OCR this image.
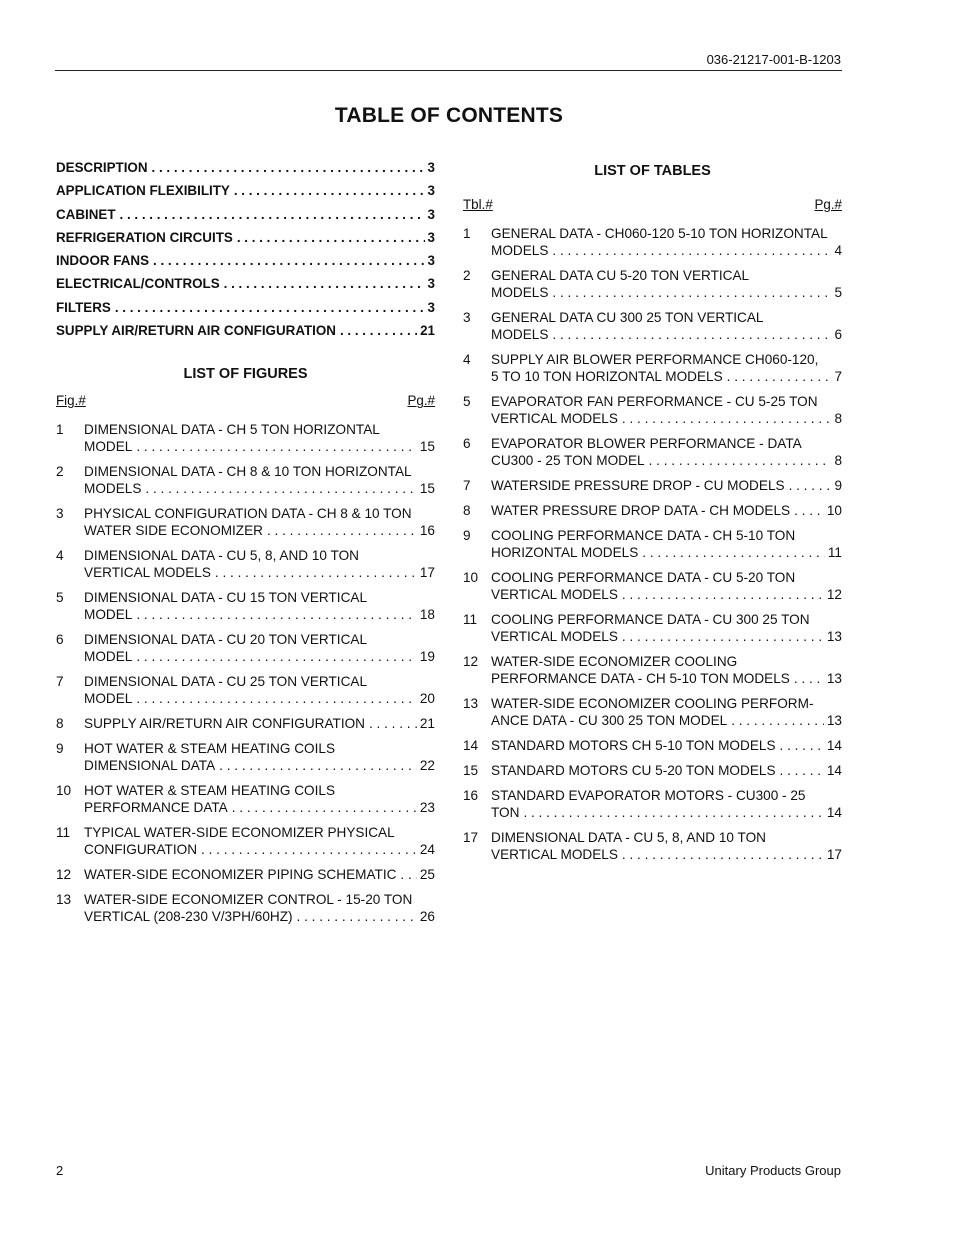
036-21217-001-B-1203
TABLE OF CONTENTS
DESCRIPTION . . .	3
APPLICATION FLEXIBILITY . . .	3
CABINET . . .	3
REFRIGERATION CIRCUITS . . .	3
INDOOR FANS . . .	3
ELECTRICAL/CONTROLS . . .	3
FILTERS . . .	3
SUPPLY AIR/RETURN AIR CONFIGURATION . . .	21
LIST OF FIGURES
Fig.#	Pg.#
1	DIMENSIONAL DATA - CH 5 TON HORIZONTAL
MODEL . . .	15
2	DIMENSIONAL DATA - CH 8 & 10 TON HORIZONTAL
MODELS . . .	15
3	PHYSICAL CONFIGURATION DATA - CH 8 & 10 TON
WATER SIDE ECONOMIZER . . .	16
4	DIMENSIONAL DATA - CU 5, 8, AND 10 TON
VERTICAL MODELS . . .	17
5	DIMENSIONAL DATA - CU 15 TON VERTICAL
MODEL . . .	18
6	DIMENSIONAL DATA - CU 20 TON VERTICAL
MODEL . . .	19
7	DIMENSIONAL DATA - CU 25 TON VERTICAL
MODEL . . .	20
8	SUPPLY AIR/RETURN AIR CONFIGURATION . . .	21
9	HOT WATER & STEAM HEATING COILS
DIMENSIONAL DATA . . .	22
10 HOT WATER & STEAM HEATING COILS
PERFORMANCE DATA . . .	23
11	TYPICAL WATER-SIDE ECONOMIZER PHYSICAL
CONFIGURATION . . .	24
12 WATER-SIDE ECONOMIZER PIPING SCHEMATIC . . . 25
13 WATER-SIDE ECONOMIZER CONTROL - 15-20 TON
VERTICAL (208-230 V/3PH/60HZ) . . .	26
LIST OF TABLES
Tbl.#	Pg.#
1	GENERAL DATA - CH060-120 5-10 TON HORIZONTAL
MODELS . . .	4
2	GENERAL DATA CU 5-20 TON VERTICAL
MODELS . . .	5
3	GENERAL DATA CU 300 25 TON VERTICAL
MODELS . . .	6
4	SUPPLY AIR BLOWER PERFORMANCE CH060-120,
5 TO 10 TON HORIZONTAL MODELS . . .	7
5	EVAPORATOR FAN PERFORMANCE - CU 5-25 TON
VERTICAL MODELS . . .	8
6	EVAPORATOR BLOWER PERFORMANCE - DATA
CU300 - 25 TON MODEL . . .	8
7	WATERSIDE PRESSURE DROP - CU MODELS . . .	9
8	WATER PRESSURE DROP DATA - CH MODELS . . .	10
9	COOLING PERFORMANCE DATA - CH 5-10 TON
HORIZONTAL MODELS . . .	11
10 COOLING PERFORMANCE DATA - CU 5-20 TON
VERTICAL MODELS . . .	12
11	COOLING PERFORMANCE DATA - CU 300 25 TON
VERTICAL MODELS . . .	13
12 WATER-SIDE ECONOMIZER COOLING
PERFORMANCE DATA - CH 5-10 TON MODELS . . .	13
13 WATER-SIDE ECONOMIZER COOLING PERFORM-
ANCE DATA - CU 300 25 TON MODEL . . .	13
14 STANDARD MOTORS CH 5-10 TON MODELS . . .	14
15 STANDARD MOTORS CU 5-20 TON MODELS . . .	14
16 STANDARD EVAPORATOR MOTORS - CU300 - 25
TON . . .	14
17 DIMENSIONAL DATA - CU 5, 8, AND 10 TON
VERTICAL MODELS . . .	17
2	Unitary Products Group
